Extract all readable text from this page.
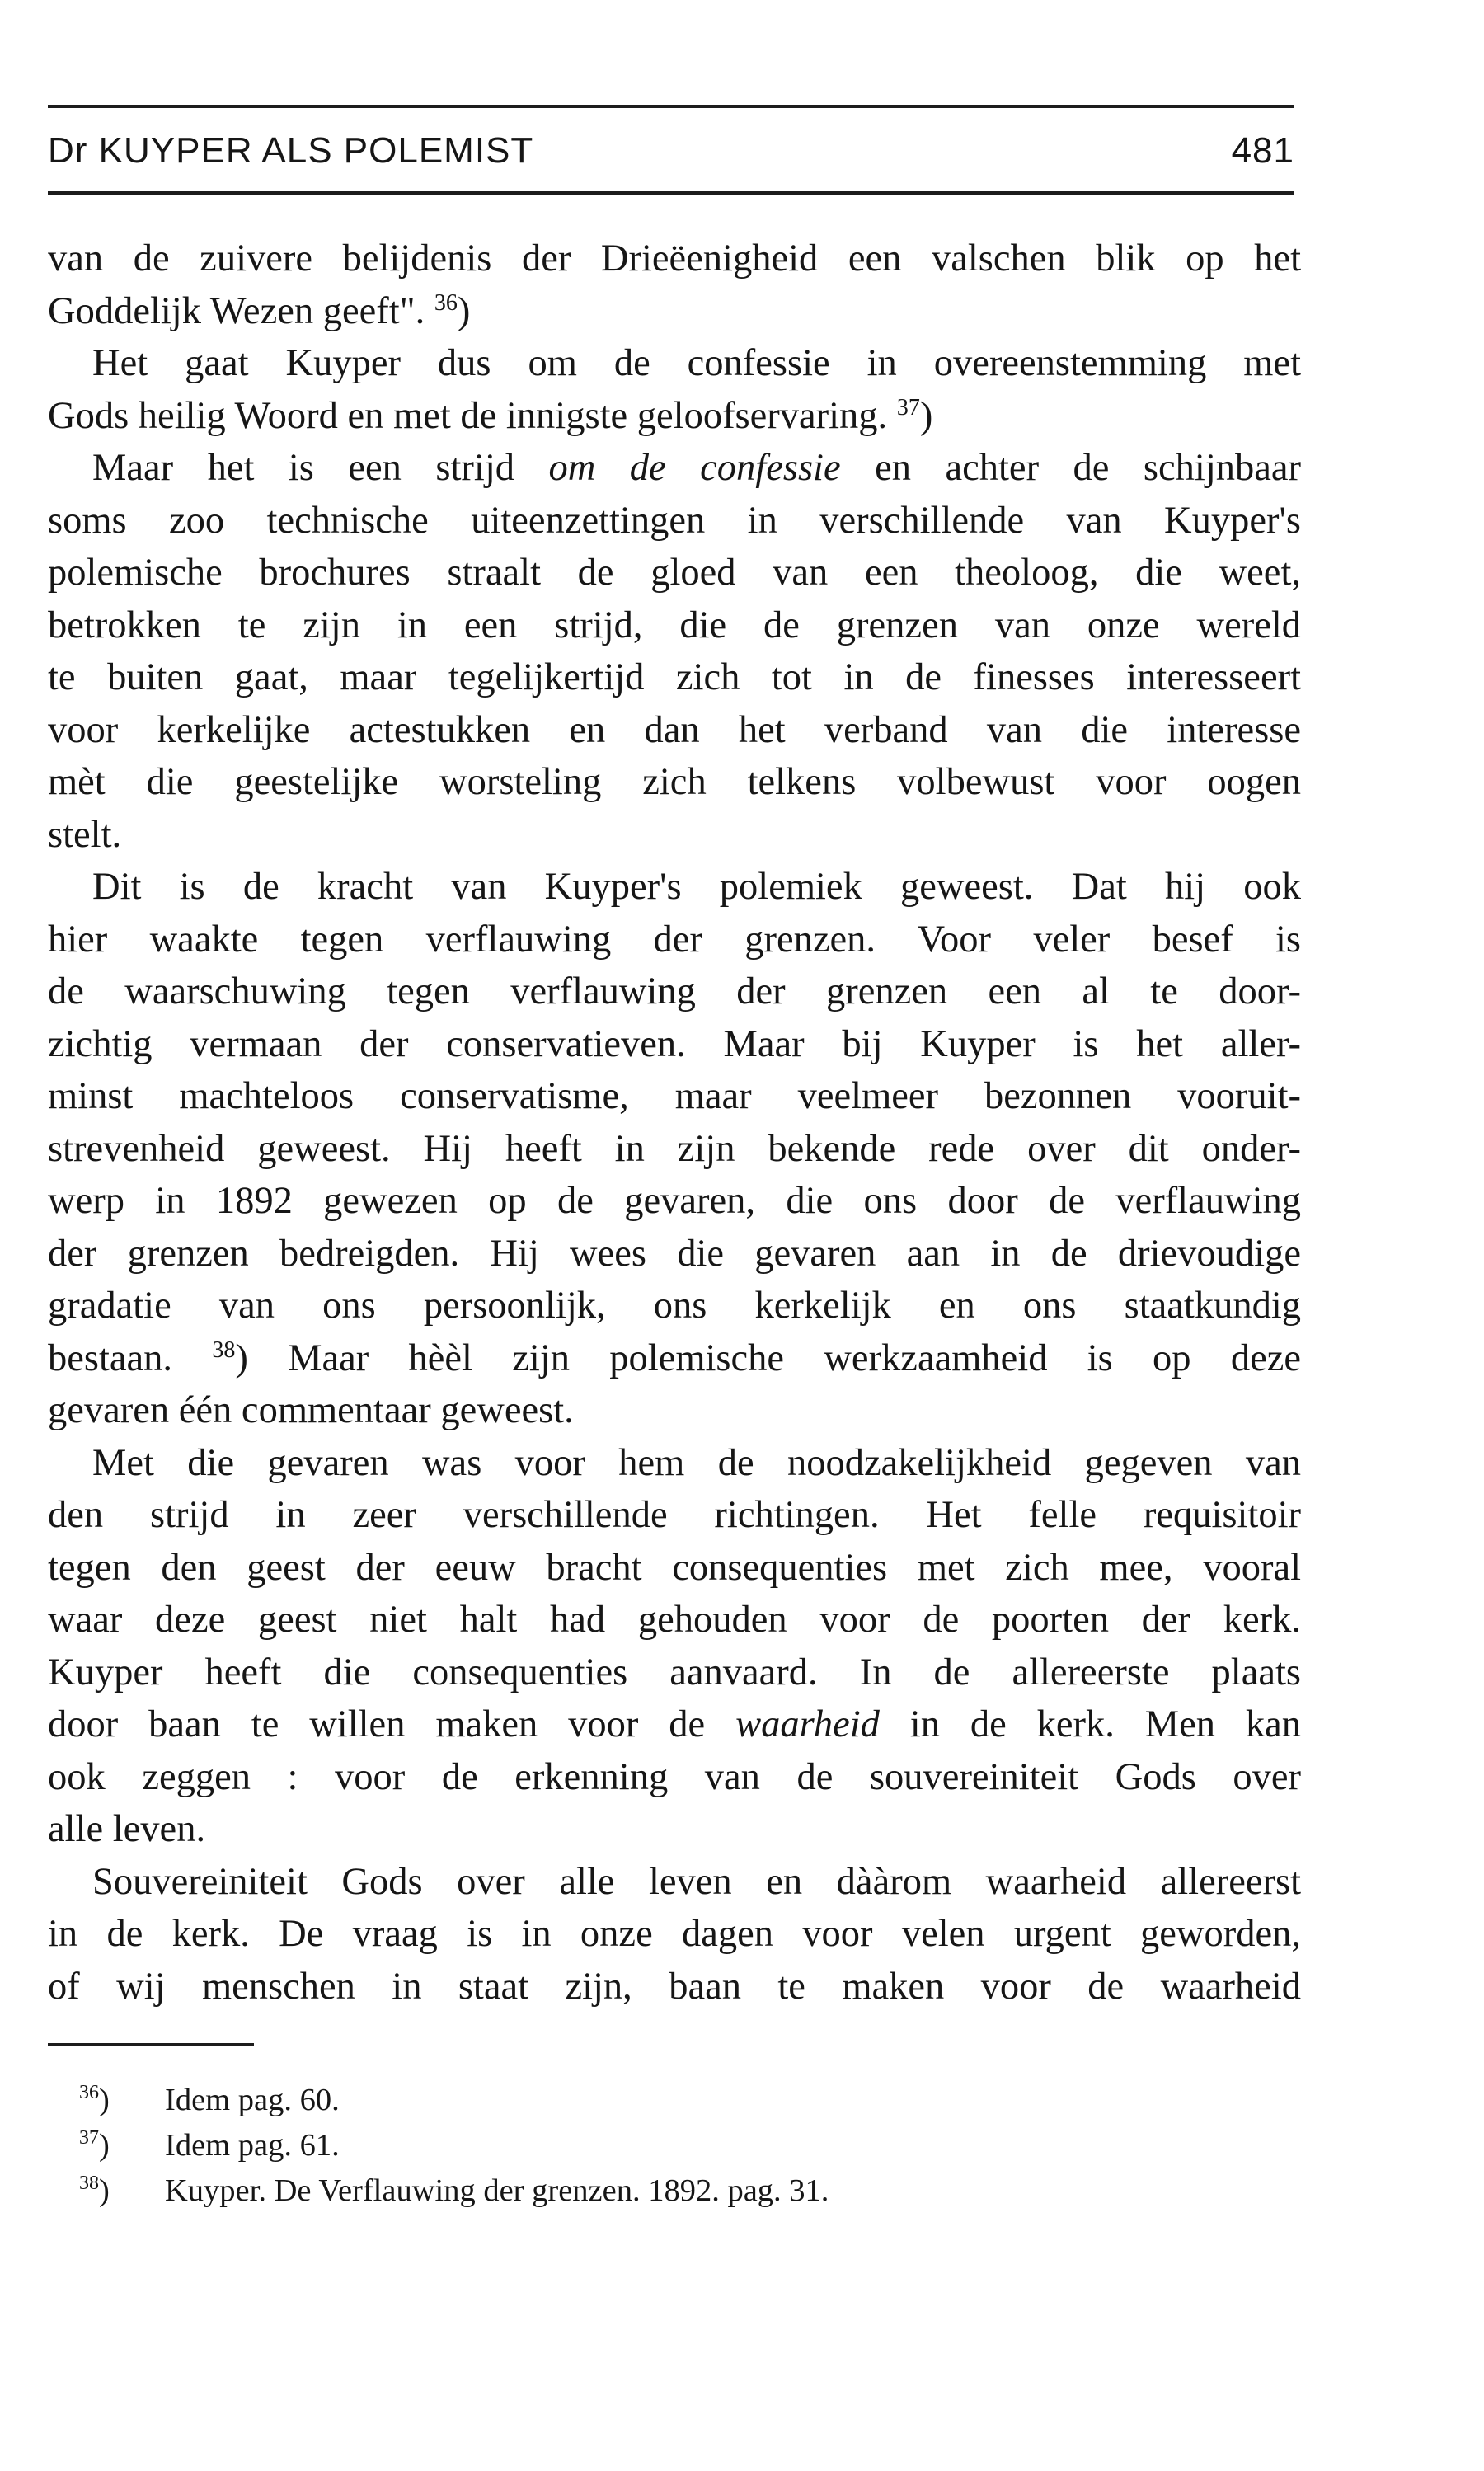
Dr KUYPER ALS POLEMIST	481
van de zuivere belijdenis der Drieëenigheid een valschen blik op het
Goddelijk Wezen geeft". $^{36}$)
Het gaat Kuyper dus om de confessie in overeenstemming met
Gods heilig Woord en met de innigste geloofservaring. $^{37}$)
Maar het is een strijd om de confessie en achter de schijnbaar
soms zoo technische uiteenzettingen in verschillende van Kuyper's
polemische brochures straalt de gloed van een theoloog, die weet,
betrokken te zijn in een strijd, die de grenzen van onze wereld
te buiten gaat, maar tegelijkertijd zich tot in de finesses interesseert
voor kerkelijke actestukken en dan het verband van die interesse
mèt die geestelijke worsteling zich telkens volbewust voor oogen
stelt.
Dit is de kracht van Kuyper's polemiek geweest. Dat hij ook
hier waakte tegen verflauwing der grenzen. Voor veler besef is
de waarschuwing tegen verflauwing der grenzen een al te door-
zichtig vermaan der conservatieven. Maar bij Kuyper is het aller-
minst machteloos conservatisme, maar veelmeer bezonnen vooruit-
strevenheid geweest. Hij heeft in zijn bekende rede over dit onder-
werp in 1892 gewezen op de gevaren, die ons door de verflauwing
der grenzen bedreigden. Hij wees die gevaren aan in de drievoudige
gradatie van ons persoonlijk, ons kerkelijk en ons staatkundig
bestaan. $^{38}$) Maar hèèl zijn polemische werkzaamheid is op deze
gevaren één commentaar geweest.
Met die gevaren was voor hem de noodzakelijkheid gegeven van
den strijd in zeer verschillende richtingen. Het felle requisitoir
tegen den geest der eeuw bracht consequenties met zich mee, vooral
waar deze geest niet halt had gehouden voor de poorten der kerk.
Kuyper heeft die consequenties aanvaard. In de allereerste plaats
door baan te willen maken voor de waarheid in de kerk. Men kan
ook zeggen : voor de erkenning van de souvereiniteit Gods over
alle leven.
Souvereiniteit Gods over alle leven en dààrom waarheid allereerst
in de kerk. De vraag is in onze dagen voor velen urgent geworden,
of wij menschen in staat zijn, baan te maken voor de waarheid
$^{36}$) Idem pag. 60.
$^{37}$) Idem pag. 61.
$^{38}$) Kuyper. De Verflauwing der grenzen. 1892. pag. 31.
